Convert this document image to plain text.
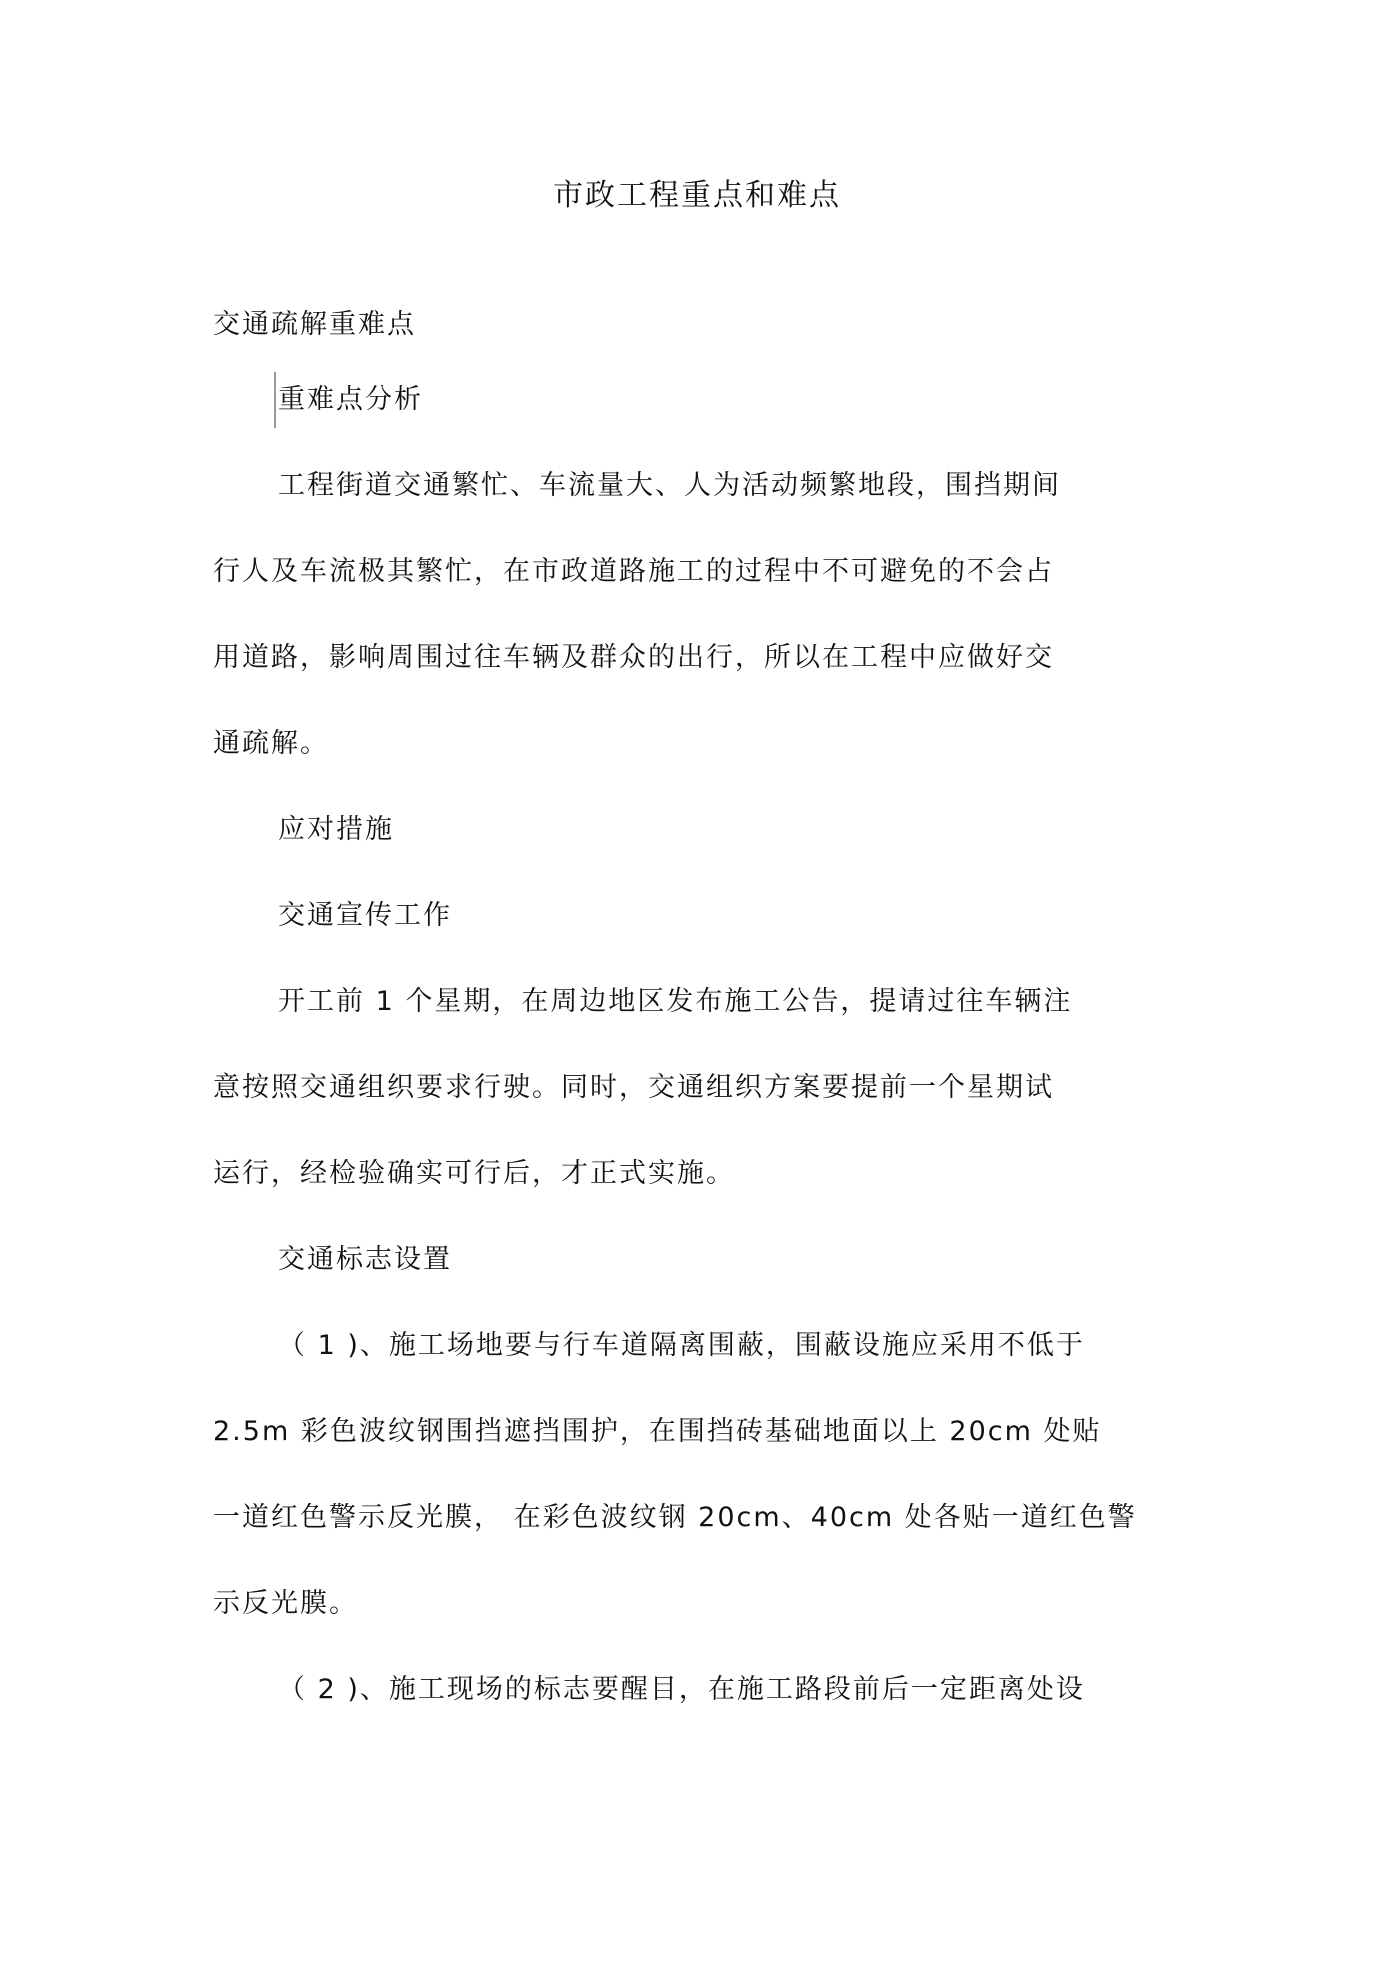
市政工程重点和难点
交通疏解重难点
重难点分析
工程街道交通繁忙、车流量大、人为活动频繁地段，围挡期间
行人及车流极其繁忙，在市政道路施工的过程中不可避免的不会占
用道路，影响周围过往车辆及群众的出行，所以在工程中应做好交
通疏解。
应对措施
交通宣传工作
开工前 1 个星期，在周边地区发布施工公告，提请过往车辆注
意按照交通组织要求行驶。同时，交通组织方案要提前一个星期试
运行，经检验确实可行后，才正式实施。
交通标志设置
（ 1 )、施工场地要与行车道隔离围蔽，围蔽设施应采用不低于
2.5m 彩色波纹钢围挡遮挡围护，在围挡砖基础地面以上 20cm 处贴
一道红色警示反光膜， 在彩色波纹钢 20cm、40cm 处各贴一道红色警
示反光膜。
（ 2 )、施工现场的标志要醒目，在施工路段前后一定距离处设
